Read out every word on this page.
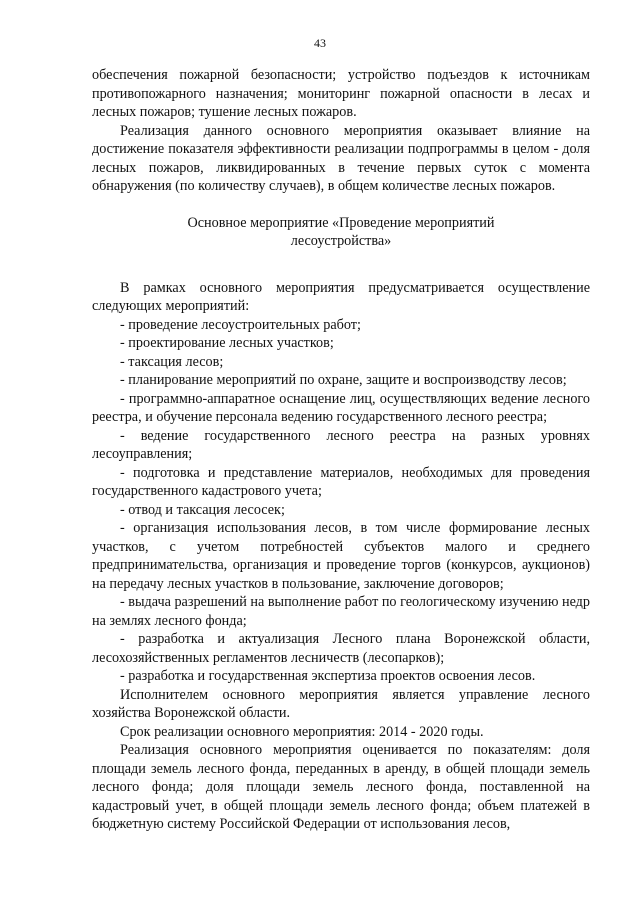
43

обеспечения пожарной безопасности; устройство подъездов к источникам противопожарного назначения; мониторинг пожарной опасности в лесах и лесных пожаров; тушение лесных пожаров.

Реализация данного основного мероприятия оказывает влияние на достижение показателя эффективности реализации подпрограммы в целом - доля лесных пожаров, ликвидированных в течение первых суток с момента обнаружения (по количеству случаев), в общем количестве лесных пожаров.

Основное мероприятие «Проведение мероприятий
лесоустройства»

В рамках основного мероприятия предусматривается осуществление следующих мероприятий:

- проведение лесоустроительных работ;

- проектирование лесных участков;

- таксация лесов;

- планирование мероприятий по охране, защите и воспроизводству лесов;

- программно-аппаратное оснащение лиц, осуществляющих ведение лесного реестра, и обучение персонала ведению государственного лесного реестра;

- ведение государственного лесного реестра на разных уровнях лесоуправления;

- подготовка и представление материалов, необходимых для проведения государственного кадастрового учета;

- отвод и таксация лесосек;

- организация использования лесов, в том числе формирование лесных участков, с учетом потребностей субъектов малого и среднего предпринимательства, организация и проведение торгов (конкурсов, аукционов) на передачу лесных участков в пользование, заключение договоров;

- выдача разрешений на выполнение работ по геологическому изучению недр на землях лесного фонда;

- разработка и актуализация Лесного плана Воронежской области, лесохозяйственных регламентов лесничеств (лесопарков);

- разработка и государственная экспертиза проектов освоения лесов.

Исполнителем основного мероприятия является управление лесного хозяйства Воронежской области.

Срок реализации основного мероприятия: 2014 - 2020 годы.

Реализация основного мероприятия оценивается по показателям: доля площади земель лесного фонда, переданных в аренду, в общей площади земель лесного фонда; доля площади земель лесного фонда, поставленной на кадастровый учет, в общей площади земель лесного фонда; объем платежей в бюджетную систему Российской Федерации от использования лесов,
